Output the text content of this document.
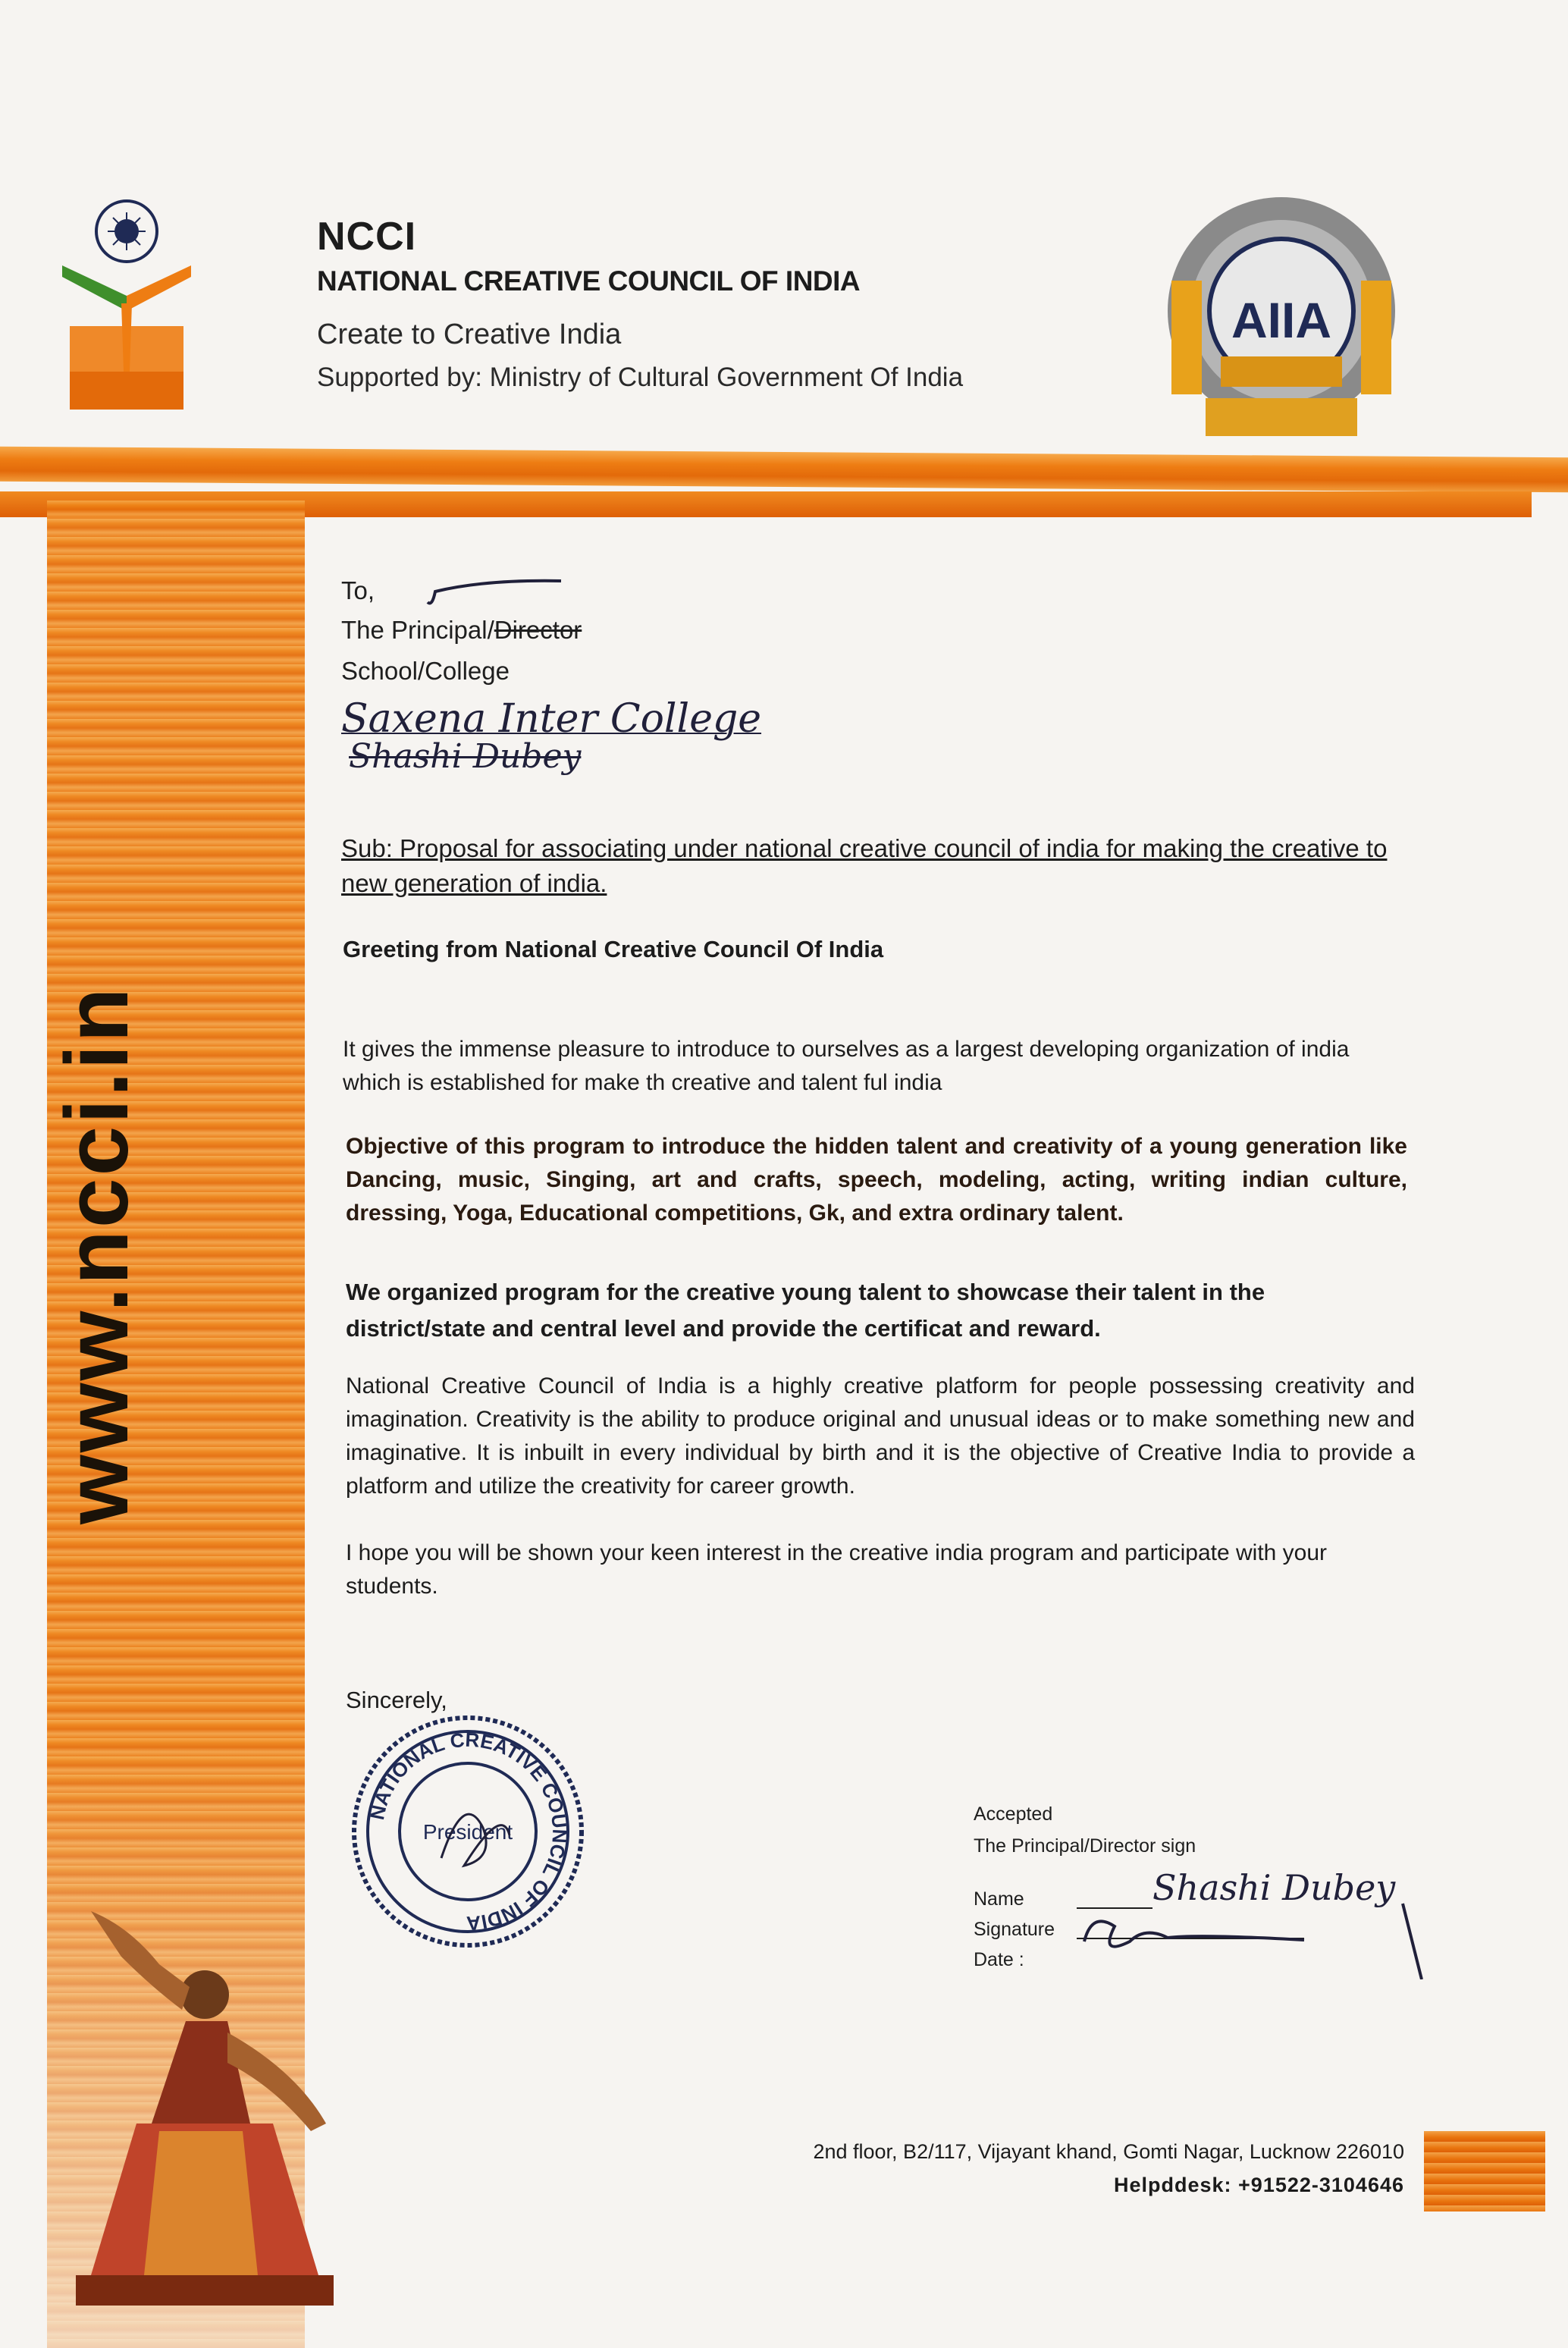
NCCI
NATIONAL CREATIVE COUNCIL OF INDIA
Create to Creative India
Supported by: Ministry of Cultural Government Of India
AIIA
To,
The Principal/Director
School/College
Saxena Inter College
Shashi Dubey
Sub: Proposal for associating under national creative council of india for making the creative to new generation of india.
Greeting from National Creative Council Of India
It gives the immense pleasure to introduce to ourselves as a largest developing organization of india which is established for make th creative and talent ful india
Objective of this program to introduce the hidden talent and creativity of a young generation like Dancing, music, Singing, art and crafts, speech, modeling, acting, writing indian culture, dressing, Yoga, Educational competitions, Gk, and extra ordinary talent.
We organized program for the creative young talent to showcase their talent in the district/state and central level and provide the certificat and reward.
National Creative Council of India is a highly creative platform for people possessing creativity and imagination. Creativity is the ability to produce original and unusual ideas or to make something new and imaginative. It is inbuilt in every individual by birth and it is the objective of Creative India to provide a platform and utilize the creativity for career growth.
I hope you will be shown your keen interest in the creative india program and participate with your students.
Sincerely,
NATIONAL CREATIVE COUNCIL OF INDIA
President
Accepted
The Principal/Director sign
Name
Signature
Date :
Shashi Dubey
2nd floor, B2/117, Vijayant khand, Gomti Nagar, Lucknow 226010
Helpddesk: +91522-3104646
